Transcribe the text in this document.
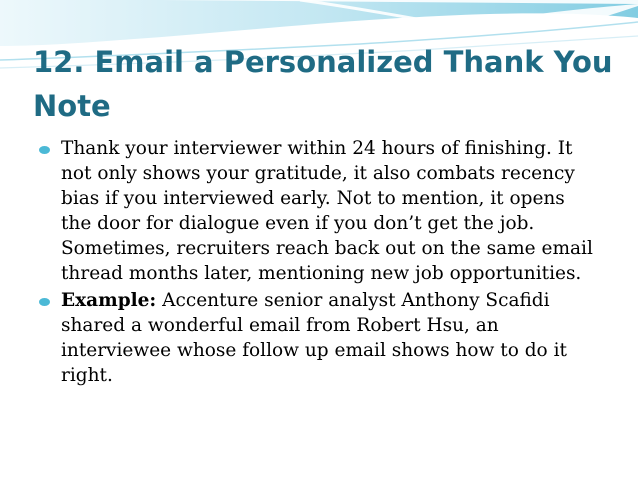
12. Email a Personalized Thank You Note
Thank your interviewer within 24 hours of finishing. It not only shows your gratitude, it also combats recency bias if you interviewed early. Not to mention, it opens the door for dialogue even if you don’t get the job. Sometimes, recruiters reach back out on the same email thread months later, mentioning new job opportunities.
Example: Accenture senior analyst Anthony Scafidi shared a wonderful email from Robert Hsu, an interviewee whose follow up email shows how to do it right.
